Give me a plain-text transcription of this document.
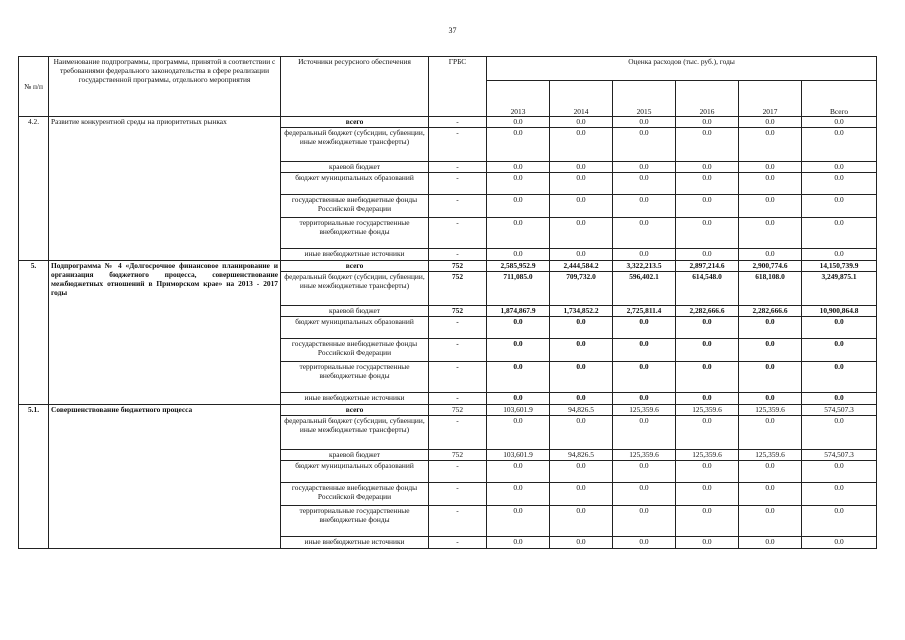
37
№ п/п	Наименование подпрограммы, программы, принятой в соответствии с требованиями федерального законодательства в сфере реализации государственной программы, отдельного мероприятия	Источники ресурсного обеспечения	ГРБС	Оценка расходов (тыс. руб.), годы					
				2013	2014	2015	2016	2017	Всего
4.2.	Развитие конкурентной среды на приоритетных рынках	всего	-	0.0	0.0	0.0	0.0	0.0	0.0
		федеральный бюджет (субсидии, субвенции, иные межбюджетные трансферты)	-	0.0	0.0	0.0	0.0	0.0	0.0
		краевой бюджет	-	0.0	0.0	0.0	0.0	0.0	0.0
		бюджет муниципальных образований	-	0.0	0.0	0.0	0.0	0.0	0.0
		государственные внебюджетные фонды Российской Федерации	-	0.0	0.0	0.0	0.0	0.0	0.0
		территориальные государственные внебюджетные фонды	-	0.0	0.0	0.0	0.0	0.0	0.0
		иные внебюджетные источники	-	0.0	0.0	0.0	0.0	0.0	0.0
5.	Подпрограмма № 4 «Долгосрочное финансовое планирование и организация бюджетного процесса, совершенствование межбюджетных отношений в Приморском крае» на 2013 - 2017 годы	всего	752	2,585,952.9	2,444,584.2	3,322,213.5	2,897,214.6	2,900,774.6	14,150,739.9
		федеральный бюджет (субсидии, субвенции, иные межбюджетные трансферты)	752	711,085.0	709,732.0	596,402.1	614,548.0	618,108.0	3,249,875.1
		краевой бюджет	752	1,874,867.9	1,734,852.2	2,725,811.4	2,282,666.6	2,282,666.6	10,900,864.8
		бюджет муниципальных образований	-	0.0	0.0	0.0	0.0	0.0	0.0
		государственные внебюджетные фонды Российской Федерации	-	0.0	0.0	0.0	0.0	0.0	0.0
		территориальные государственные внебюджетные фонды	-	0.0	0.0	0.0	0.0	0.0	0.0
		иные внебюджетные источники	-	0.0	0.0	0.0	0.0	0.0	0.0
5.1.	Совершенствование бюджетного процесса	всего	752	103,601.9	94,826.5	125,359.6	125,359.6	125,359.6	574,507.3
		федеральный бюджет (субсидии, субвенции, иные межбюджетные трансферты)	-	0.0	0.0	0.0	0.0	0.0	0.0
		краевой бюджет	752	103,601.9	94,826.5	125,359.6	125,359.6	125,359.6	574,507.3
		бюджет муниципальных образований	-	0.0	0.0	0.0	0.0	0.0	0.0
		государственные внебюджетные фонды Российской Федерации	-	0.0	0.0	0.0	0.0	0.0	0.0
		территориальные государственные внебюджетные фонды	-	0.0	0.0	0.0	0.0	0.0	0.0
		иные внебюджетные источники	-	0.0	0.0	0.0	0.0	0.0	0.0
